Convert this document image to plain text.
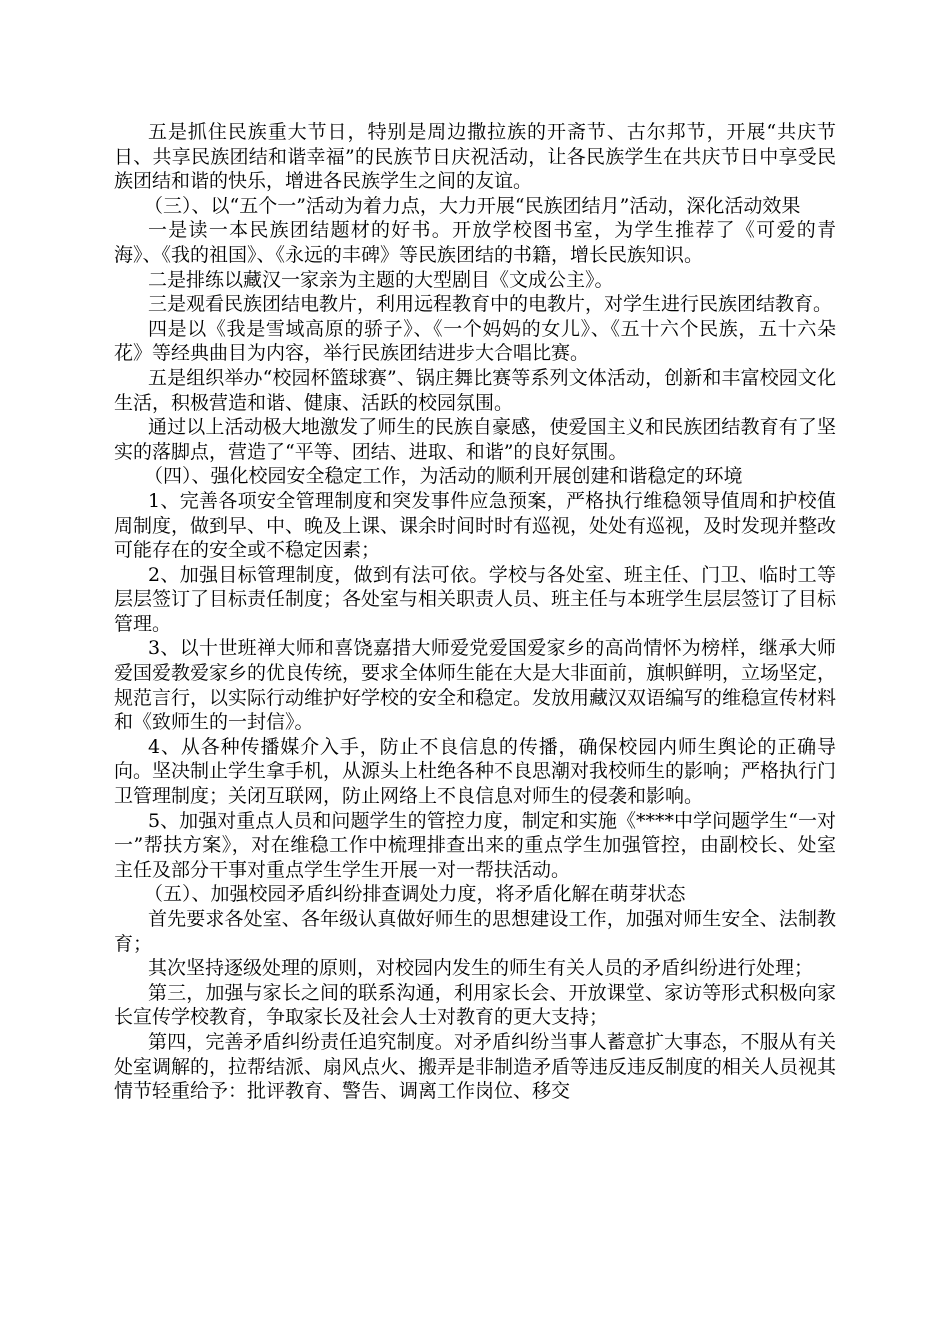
五是抓住民族重大节日，特别是周边撒拉族的开斋节、古尔邦节，开展“共庆节日、共享民族团结和谐幸福”的民族节日庆祝活动，让各民族学生在共庆节日中享受民族团结和谐的快乐，增进各民族学生之间的友谊。

（三）、以“五个一”活动为着力点，大力开展“民族团结月”活动，深化活动效果

一是读一本民族团结题材的好书。开放学校图书室，为学生推荐了《可爱的青海》、《我的祖国》、《永远的丰碑》等民族团结的书籍，增长民族知识。

二是排练以藏汉一家亲为主题的大型剧目《文成公主》。

三是观看民族团结电教片，利用远程教育中的电教片，对学生进行民族团结教育。

四是以《我是雪域高原的骄子》、《一个妈妈的女儿》、《五十六个民族，五十六朵花》等经典曲目为内容，举行民族团结进步大合唱比赛。

五是组织举办“校园杯篮球赛”、锅庄舞比赛等系列文体活动，创新和丰富校园文化生活，积极营造和谐、健康、活跃的校园氛围。

通过以上活动极大地激发了师生的民族自豪感，使爱国主义和民族团结教育有了坚实的落脚点，营造了“平等、团结、进取、和谐”的良好氛围。

（四）、强化校园安全稳定工作，为活动的顺利开展创建和谐稳定的环境

1、完善各项安全管理制度和突发事件应急预案，严格执行维稳领导值周和护校值周制度，做到早、中、晚及上课、课余时间时时有巡视，处处有巡视，及时发现并整改可能存在的安全或不稳定因素；

2、加强目标管理制度，做到有法可依。学校与各处室、班主任、门卫、临时工等层层签订了目标责任制度；各处室与相关职责人员、班主任与本班学生层层签订了目标管理。

3、以十世班禅大师和喜饶嘉措大师爱党爱国爱家乡的高尚情怀为榜样，继承大师爱国爱教爱家乡的优良传统，要求全体师生能在大是大非面前，旗帜鲜明，立场坚定，规范言行，以实际行动维护好学校的安全和稳定。发放用藏汉双语编写的维稳宣传材料和《致师生的一封信》。

4、从各种传播媒介入手，防止不良信息的传播，确保校园内师生舆论的正确导向。坚决制止学生拿手机，从源头上杜绝各种不良思潮对我校师生的影响；严格执行门卫管理制度；关闭互联网，防止网络上不良信息对师生的侵袭和影响。

5、加强对重点人员和问题学生的管控力度，制定和实施《****中学问题学生“一对一”帮扶方案》，对在维稳工作中梳理排查出来的重点学生加强管控，由副校长、处室主任及部分干事对重点学生学生开展一对一帮扶活动。

（五）、加强校园矛盾纠纷排查调处力度，将矛盾化解在萌芽状态

首先要求各处室、各年级认真做好师生的思想建设工作，加强对师生安全、法制教育；

其次坚持逐级处理的原则，对校园内发生的师生有关人员的矛盾纠纷进行处理；

第三，加强与家长之间的联系沟通，利用家长会、开放课堂、家访等形式积极向家长宣传学校教育，争取家长及社会人士对教育的更大支持；

第四，完善矛盾纠纷责任追究制度。对矛盾纠纷当事人蓄意扩大事态，不服从有关处室调解的，拉帮结派、扇风点火、搬弄是非制造矛盾等违反违反制度的相关人员视其情节轻重给予：批评教育、警告、调离工作岗位、移交
